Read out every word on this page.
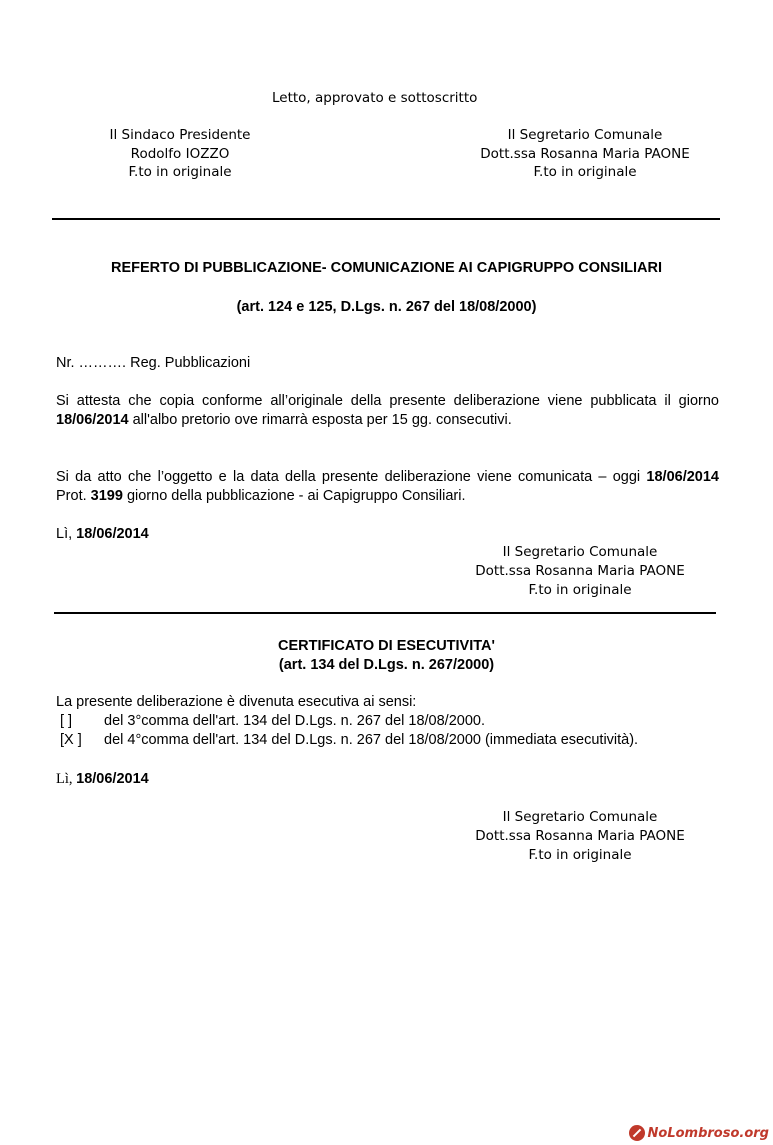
Letto, approvato e sottoscritto
Il Sindaco Presidente
Rodolfo IOZZO
F.to in originale
Il Segretario Comunale
Dott.ssa Rosanna Maria PAONE
F.to in originale
REFERTO DI PUBBLICAZIONE- COMUNICAZIONE AI CAPIGRUPPO CONSILIARI
(art. 124 e 125, D.Lgs. n. 267 del 18/08/2000)
Nr. ………. Reg. Pubblicazioni
Si attesta che copia conforme all’originale della presente deliberazione viene pubblicata il giorno 18/06/2014 all'albo pretorio ove rimarrà esposta per 15 gg. consecutivi.
Si da atto che l’oggetto e la data della presente deliberazione viene comunicata – oggi 18/06/2014 Prot. 3199 giorno della pubblicazione - ai Capigruppo Consiliari.
Lì, 18/06/2014
Il Segretario Comunale
Dott.ssa Rosanna Maria PAONE
F.to in originale
CERTIFICATO DI ESECUTIVITA'
(art. 134 del D.Lgs. n. 267/2000)
La presente deliberazione è divenuta esecutiva ai sensi:
[ ] del 3°comma dell'art. 134 del D.Lgs. n. 267 del 18/08/2000.
[X ] del 4°comma dell'art. 134 del D.Lgs. n. 267 del 18/08/2000 (immediata esecutività).
Lì, 18/06/2014
Il Segretario Comunale
Dott.ssa Rosanna Maria PAONE
F.to in originale
NoLombroso.org
